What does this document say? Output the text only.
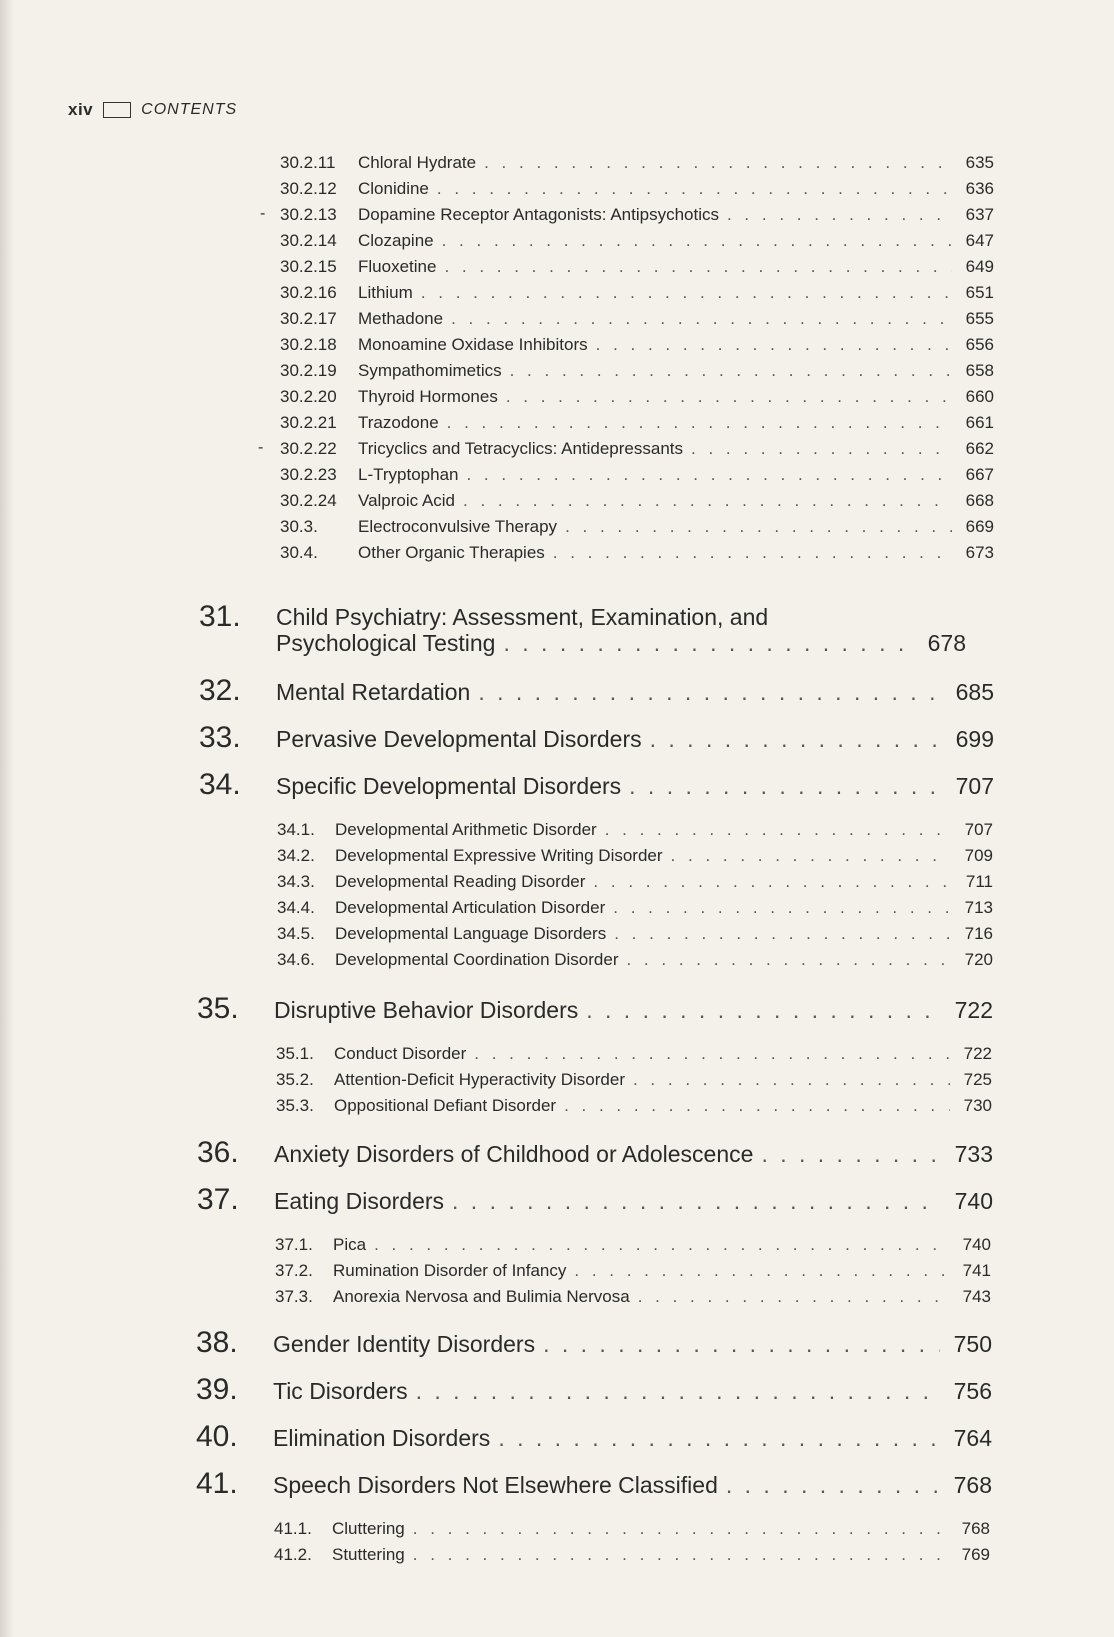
xiv	CONTENTS
30.2.11	Chloral Hydrate . . .	635
30.2.12	Clonidine . . .	636
- 30.2.13	Dopamine Receptor Antagonists: Antipsychotics . . .	637
30.2.14	Clozapine . . .	647
30.2.15	Fluoxetine . . .	649
30.2.16	Lithium . . .	651
30.2.17	Methadone . . .	655
30.2.18	Monoamine Oxidase Inhibitors . . .	656
30.2.19	Sympathomimetics . . .	658
30.2.20	Thyroid Hormones . . .	660
30.2.21	Trazodone . . .	661
- 30.2.22	Tricyclics and Tetracyclics: Antidepressants . . .	662
30.2.23	L-Tryptophan . . .	667
30.2.24	Valproic Acid . . .	668
30.3.	Electroconvulsive Therapy . . .	669
30.4.	Other Organic Therapies . . .	673
31. Child Psychiatry: Assessment, Examination, and
Psychological Testing . . .	678
32.	Mental Retardation . . .	685
33.	Pervasive Developmental Disorders . . .	699
34.	Specific Developmental Disorders . . .	707
34.1.	Developmental Arithmetic Disorder . . .	707
34.2.	Developmental Expressive Writing Disorder . . .	709
34.3.	Developmental Reading Disorder . . .	711
34.4.	Developmental Articulation Disorder . . .	713
34.5.	Developmental Language Disorders . . .	716
34.6.	Developmental Coordination Disorder . . .	720
35.	Disruptive Behavior Disorders . . .	722
35.1.	Conduct Disorder . . .	722
35.2.	Attention-Deficit Hyperactivity Disorder . . .	725
35.3.	Oppositional Defiant Disorder . . .	730
36.	Anxiety Disorders of Childhood or Adolescence . . .	733
37.	Eating Disorders . . .	740
37.1.	Pica . . .	740
37.2.	Rumination Disorder of Infancy . . .	741
37.3.	Anorexia Nervosa and Bulimia Nervosa . . .	743
38.	Gender Identity Disorders . . .	750
39.	Tic Disorders . . .	756
40.	Elimination Disorders . . .	764
41.	Speech Disorders Not Elsewhere Classified . . .	768
41.1.	Cluttering . . .	768
41.2.	Stuttering . . .	769
